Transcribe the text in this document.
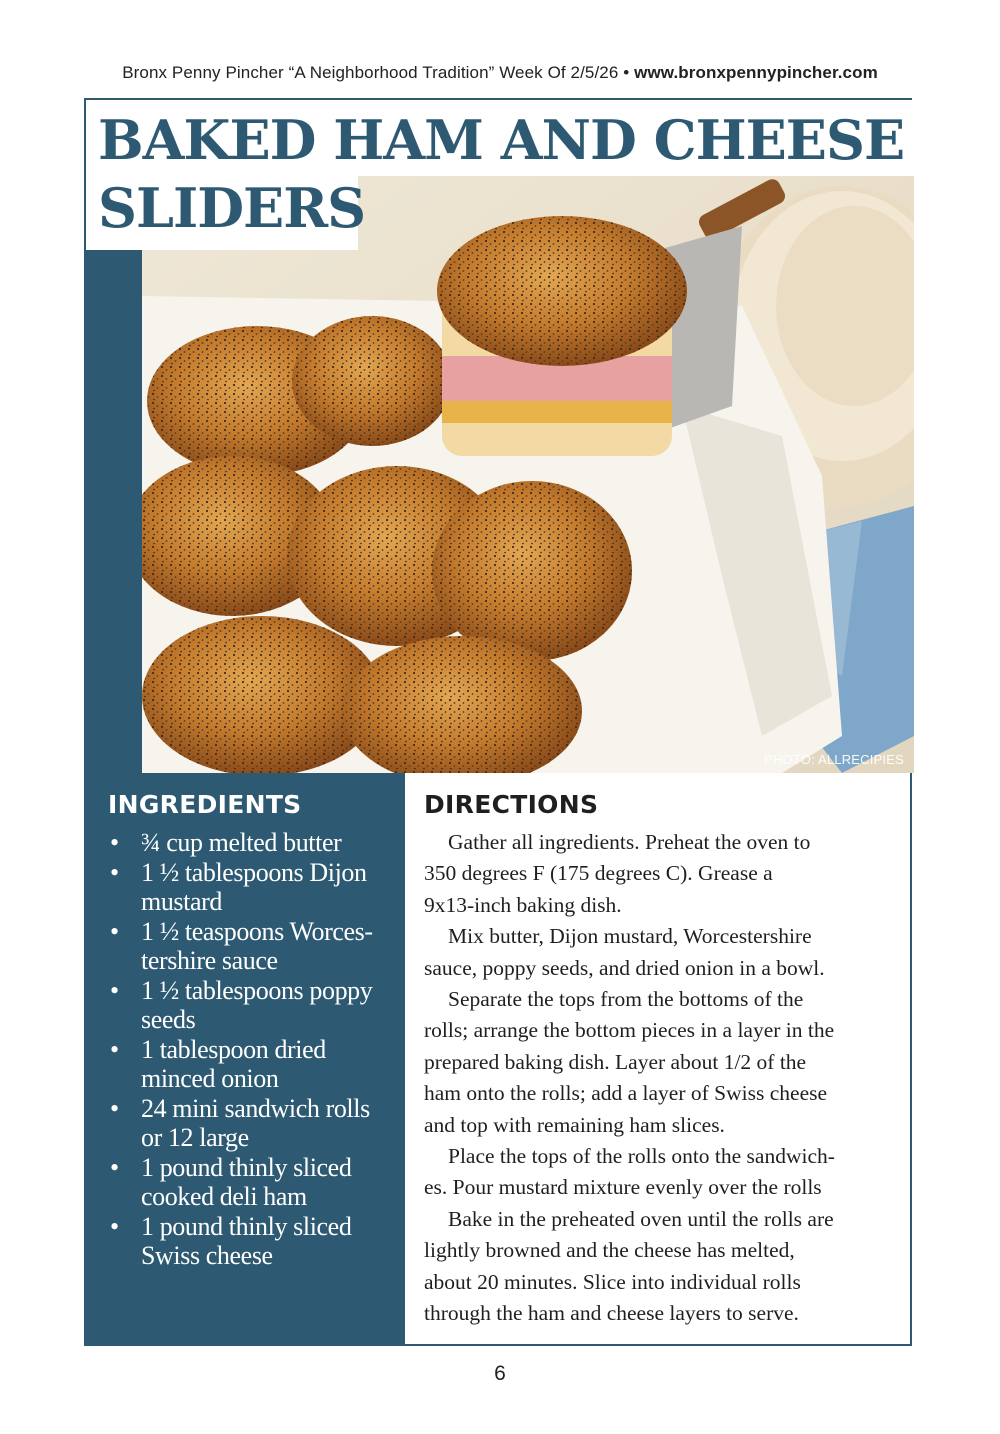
Bronx Penny Pincher “A Neighborhood Tradition” Week Of 2/5/26 • www.bronxpennypincher.com
PHOTO: ALLRECIPIES
BAKED HAM AND CHEESE
SLIDERS
INGREDIENTS
• ¾ cup melted butter
• 1 ½ tablespoons Dijon
mustard
• 1 ½ teaspoons Worces-
tershire sauce
• 1 ½ tablespoons poppy
seeds
• 1 tablespoon dried
minced onion
• 24 mini sandwich rolls
or 12 large
• 1 pound thinly sliced
cooked deli ham
• 1 pound thinly sliced
Swiss cheese
DIRECTIONS

Gather all ingredients. Preheat the oven to
350 degrees F (175 degrees C). Grease a
9x13-inch baking dish.

Mix butter, Dijon mustard, Worcestershire
sauce, poppy seeds, and dried onion in a bowl.

Separate the tops from the bottoms of the
rolls; arrange the bottom pieces in a layer in the
prepared baking dish. Layer about 1/2 of the
ham onto the rolls; add a layer of Swiss cheese
and top with remaining ham slices.

Place the tops of the rolls onto the sandwich-
es. Pour mustard mixture evenly over the rolls

Bake in the preheated oven until the rolls are
lightly browned and the cheese has melted,
about 20 minutes. Slice into individual rolls
through the ham and cheese layers to serve.

6
